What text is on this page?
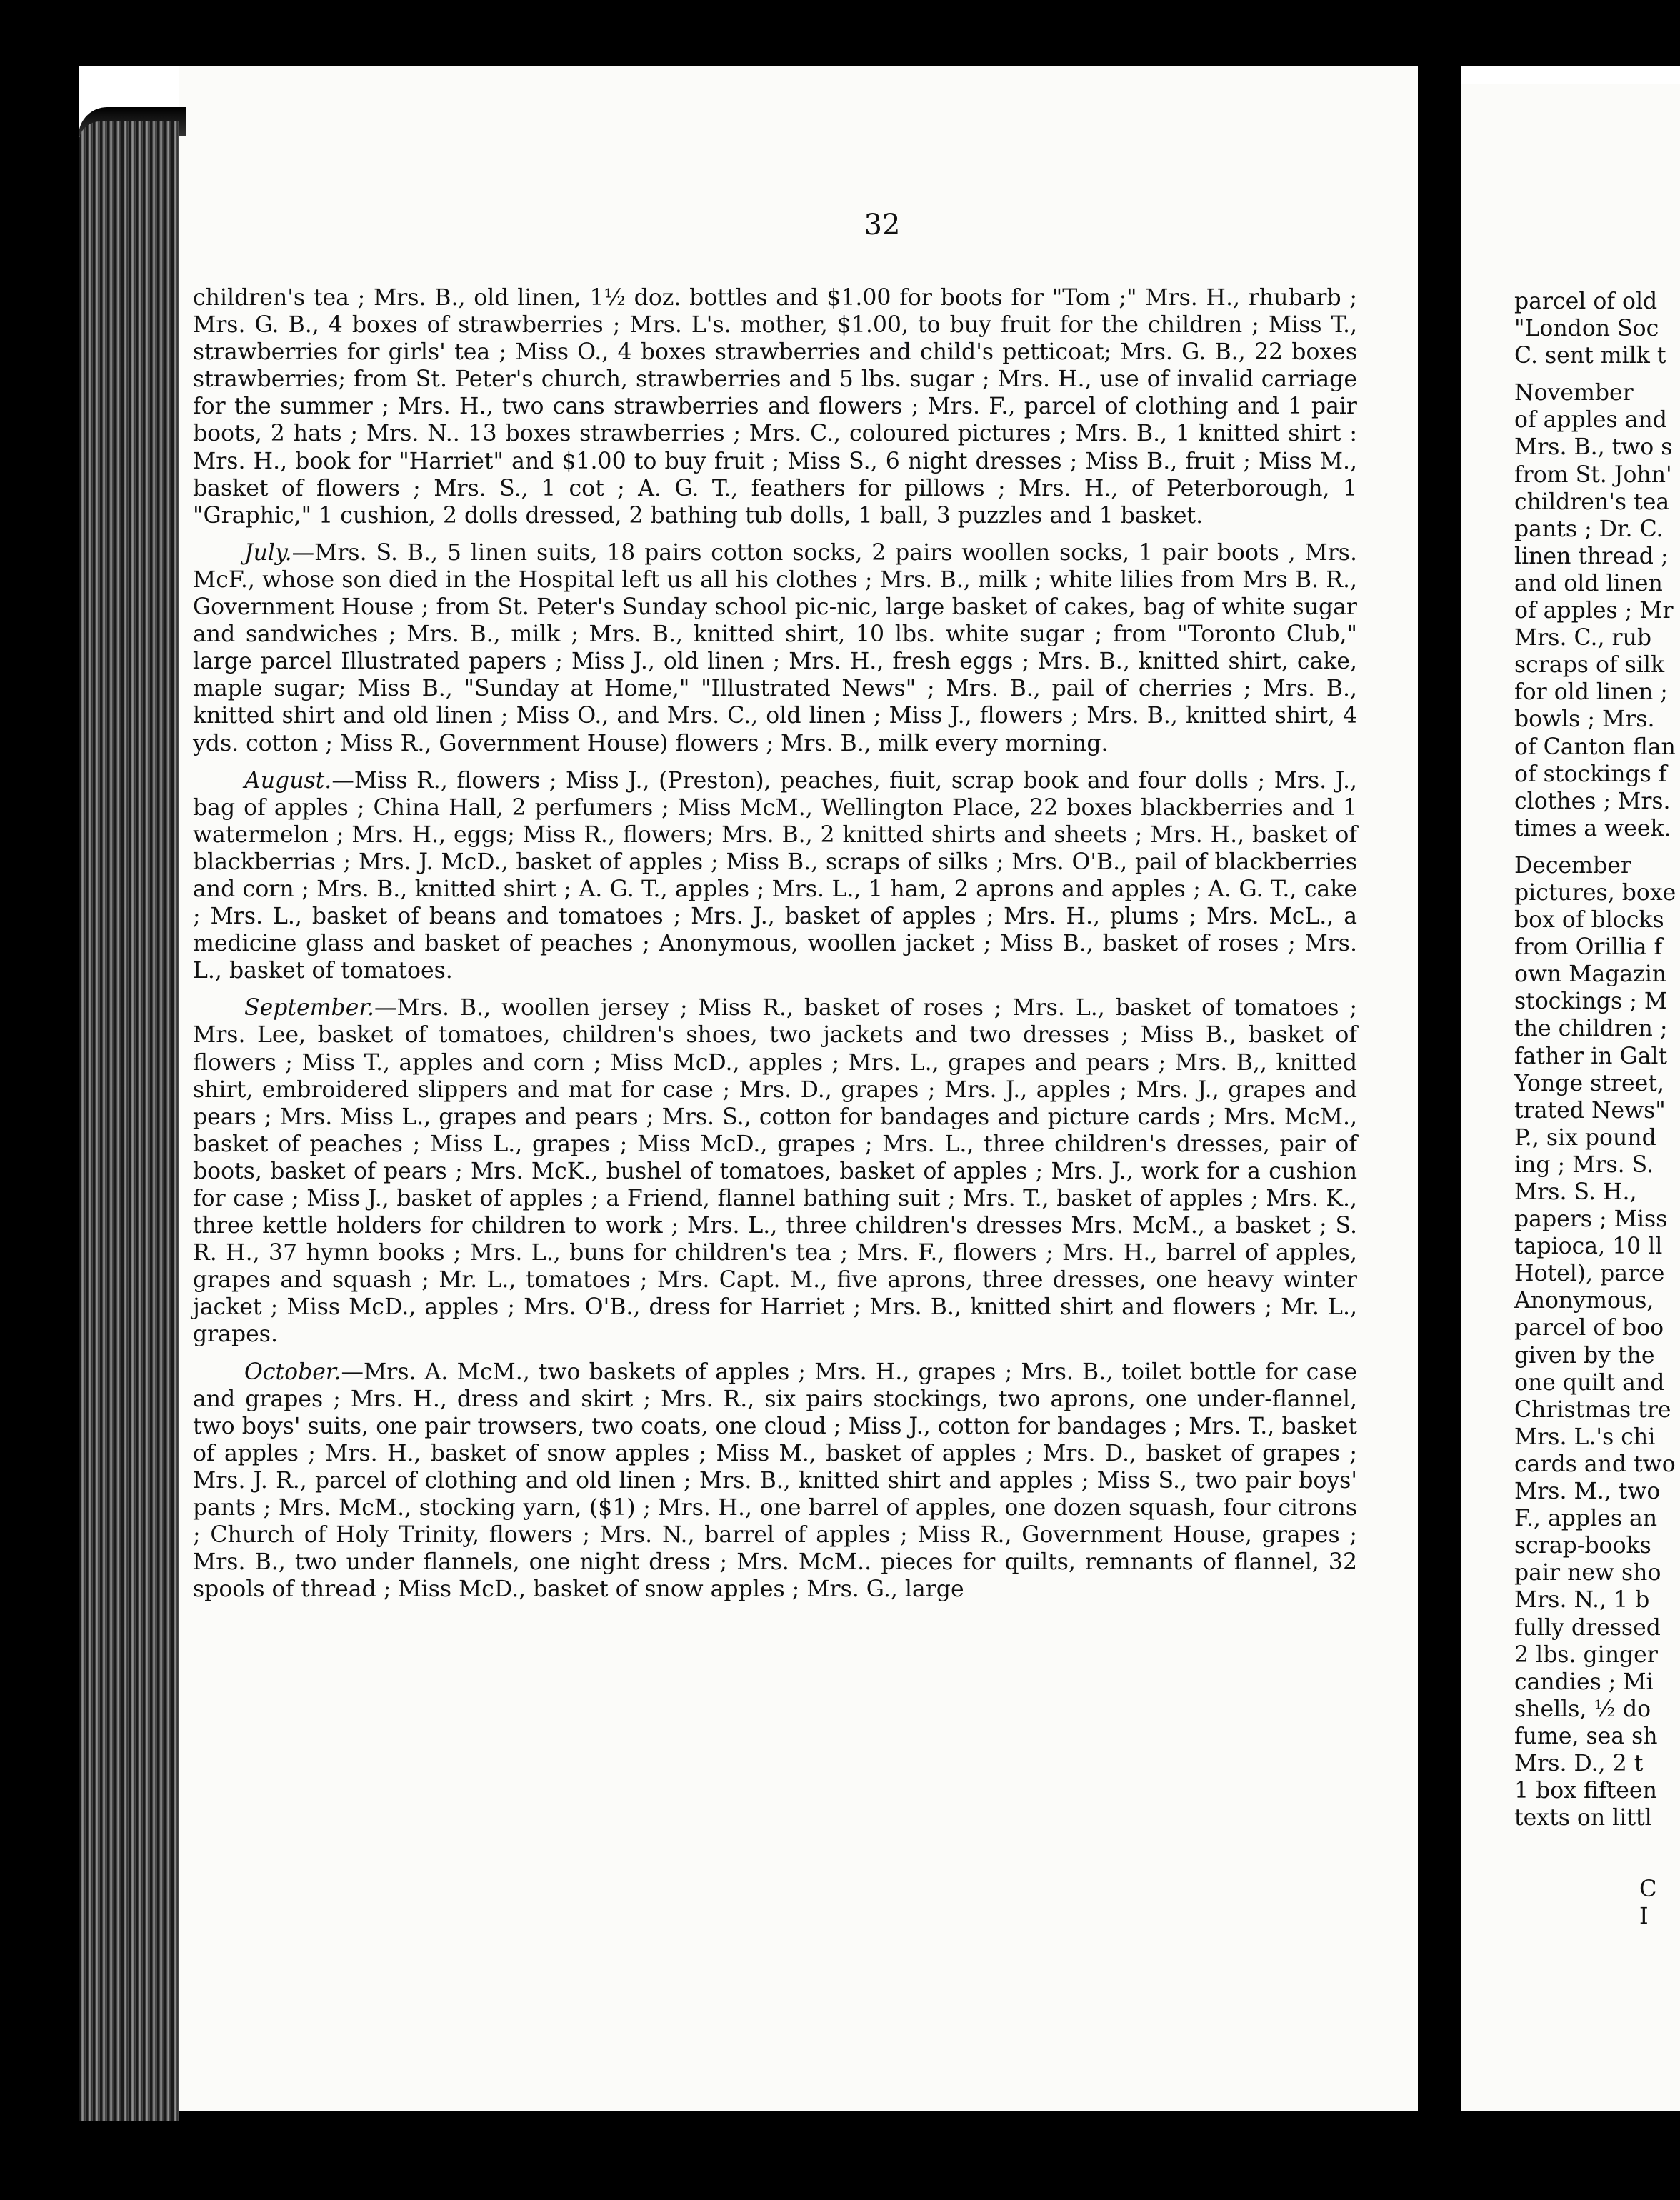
parcel of old
"London Soc
C. sent milk t
November
of apples and
Mrs. B., two s
from St. John'
children's tea
pants ; Dr. C.
linen thread ;
and old linen
of apples ; Mr
Mrs. C., rub
scraps of silk
for old linen ;
bowls ; Mrs.
of Canton flan
of stockings f
clothes ; Mrs.
times a week.
December
pictures, boxe
box of blocks
from Orillia f
own Magazin
stockings ; M
the children ;
father in Galt
Yonge street,
trated News"
P., six pound
ing ; Mrs. S.
Mrs. S. H.,
papers ; Miss
tapioca, 10 ll
Hotel), parce
Anonymous,
parcel of boo
given by the
one quilt and
Christmas tre
Mrs. L.'s chi
cards and two
Mrs. M., two
F., apples an
scrap-books
pair new sho
Mrs. N., 1 b
fully dressed
2 lbs. ginger
candies ; Mi
shells, ½ do
fume, sea sh
Mrs. D., 2 t
1 box fifteen
texts on littl
32

children's tea ; Mrs. B., old linen, 1½ doz. bottles and $1.00 for boots for "Tom ;" Mrs. H., rhubarb ; Mrs. G. B., 4 boxes of strawberries ; Mrs. L's. mother, $1.00, to buy fruit for the children ; Miss T., strawberries for girls' tea ; Miss O., 4 boxes strawberries and child's petticoat; Mrs. G. B., 22 boxes strawberries; from St. Peter's church, strawberries and 5 lbs. sugar ; Mrs. H., use of invalid carriage for the summer ; Mrs. H., two cans strawberries and flowers ; Mrs. F., parcel of clothing and 1 pair boots, 2 hats ; Mrs. N.. 13 boxes strawberries ; Mrs. C., coloured pictures ; Mrs. B., 1 knitted shirt : Mrs. H., book for "Harriet" and $1.00 to buy fruit ; Miss S., 6 night dresses ; Miss B., fruit ; Miss M., basket of flowers ; Mrs. S., 1 cot ; A. G. T., feathers for pillows ; Mrs. H., of Peterborough, 1 "Graphic," 1 cushion, 2 dolls dressed, 2 bathing tub dolls, 1 ball, 3 puzzles and 1 basket.

July.—Mrs. S. B., 5 linen suits, 18 pairs cotton socks, 2 pairs woollen socks, 1 pair boots , Mrs. McF., whose son died in the Hospital left us all his clothes ; Mrs. B., milk ; white lilies from Mrs B. R., Government House ; from St. Peter's Sunday school pic-nic, large basket of cakes, bag of white sugar and sandwiches ; Mrs. B., milk ; Mrs. B., knitted shirt, 10 lbs. white sugar ; from "Toronto Club," large parcel Illustrated papers ; Miss J., old linen ; Mrs. H., fresh eggs ; Mrs. B., knitted shirt, cake, maple sugar; Miss B., "Sunday at Home," "Illustrated News" ; Mrs. B., pail of cherries ; Mrs. B., knitted shirt and old linen ; Miss O., and Mrs. C., old linen ; Miss J., flowers ; Mrs. B., knitted shirt, 4 yds. cotton ; Miss R., Government House) flowers ; Mrs. B., milk every morning.

August.—Miss R., flowers ; Miss J., (Preston), peaches, fiuit, scrap book and four dolls ; Mrs. J., bag of apples ; China Hall, 2 perfumers ; Miss McM., Wellington Place, 22 boxes blackberries and 1 watermelon ; Mrs. H., eggs; Miss R., flowers; Mrs. B., 2 knitted shirts and sheets ; Mrs. H., basket of blackberrias ; Mrs. J. McD., basket of apples ; Miss B., scraps of silks ; Mrs. O'B., pail of blackberries and corn ; Mrs. B., knitted shirt ; A. G. T., apples ; Mrs. L., 1 ham, 2 aprons and apples ; A. G. T., cake ; Mrs. L., basket of beans and tomatoes ; Mrs. J., basket of apples ; Mrs. H., plums ; Mrs. McL., a medicine glass and basket of peaches ; Anonymous, woollen jacket ; Miss B., basket of roses ; Mrs. L., basket of tomatoes.

September.—Mrs. B., woollen jersey ; Miss R., basket of roses ; Mrs. L., basket of tomatoes ; Mrs. Lee, basket of tomatoes, children's shoes, two jackets and two dresses ; Miss B., basket of flowers ; Miss T., apples and corn ; Miss McD., apples ; Mrs. L., grapes and pears ; Mrs. B,, knitted shirt, embroidered slippers and mat for case ; Mrs. D., grapes ; Mrs. J., apples ; Mrs. J., grapes and pears ; Mrs. Miss L., grapes and pears ; Mrs. S., cotton for bandages and picture cards ; Mrs. McM., basket of peaches ; Miss L., grapes ; Miss McD., grapes ; Mrs. L., three children's dresses, pair of boots, basket of pears ; Mrs. McK., bushel of tomatoes, basket of apples ; Mrs. J., work for a cushion for case ; Miss J., basket of apples ; a Friend, flannel bathing suit ; Mrs. T., basket of apples ; Mrs. K., three kettle holders for children to work ; Mrs. L., three children's dresses Mrs. McM., a basket ; S. R. H., 37 hymn books ; Mrs. L., buns for children's tea ; Mrs. F., flowers ; Mrs. H., barrel of apples, grapes and squash ; Mr. L., tomatoes ; Mrs. Capt. M., five aprons, three dresses, one heavy winter jacket ; Miss McD., apples ; Mrs. O'B., dress for Harriet ; Mrs. B., knitted shirt and flowers ; Mr. L., grapes.

October.—Mrs. A. McM., two baskets of apples ; Mrs. H., grapes ; Mrs. B., toilet bottle for case and grapes ; Mrs. H., dress and skirt ; Mrs. R., six pairs stockings, two aprons, one under-flannel, two boys' suits, one pair trowsers, two coats, one cloud ; Miss J., cotton for bandages ; Mrs. T., basket of apples ; Mrs. H., basket of snow apples ; Miss M., basket of apples ; Mrs. D., basket of grapes ; Mrs. J. R., parcel of clothing and old linen ; Mrs. B., knitted shirt and apples ; Miss S., two pair boys' pants ; Mrs. McM., stocking yarn, ($1) ; Mrs. H., one barrel of apples, one dozen squash, four citrons ; Church of Holy Trinity, flowers ; Mrs. N., barrel of apples ; Miss R., Government House, grapes ; Mrs. B., two under flannels, one night dress ; Mrs. McM.. pieces for quilts, remnants of flannel, 32 spools of thread ; Miss McD., basket of snow apples ; Mrs. G., large

C I
